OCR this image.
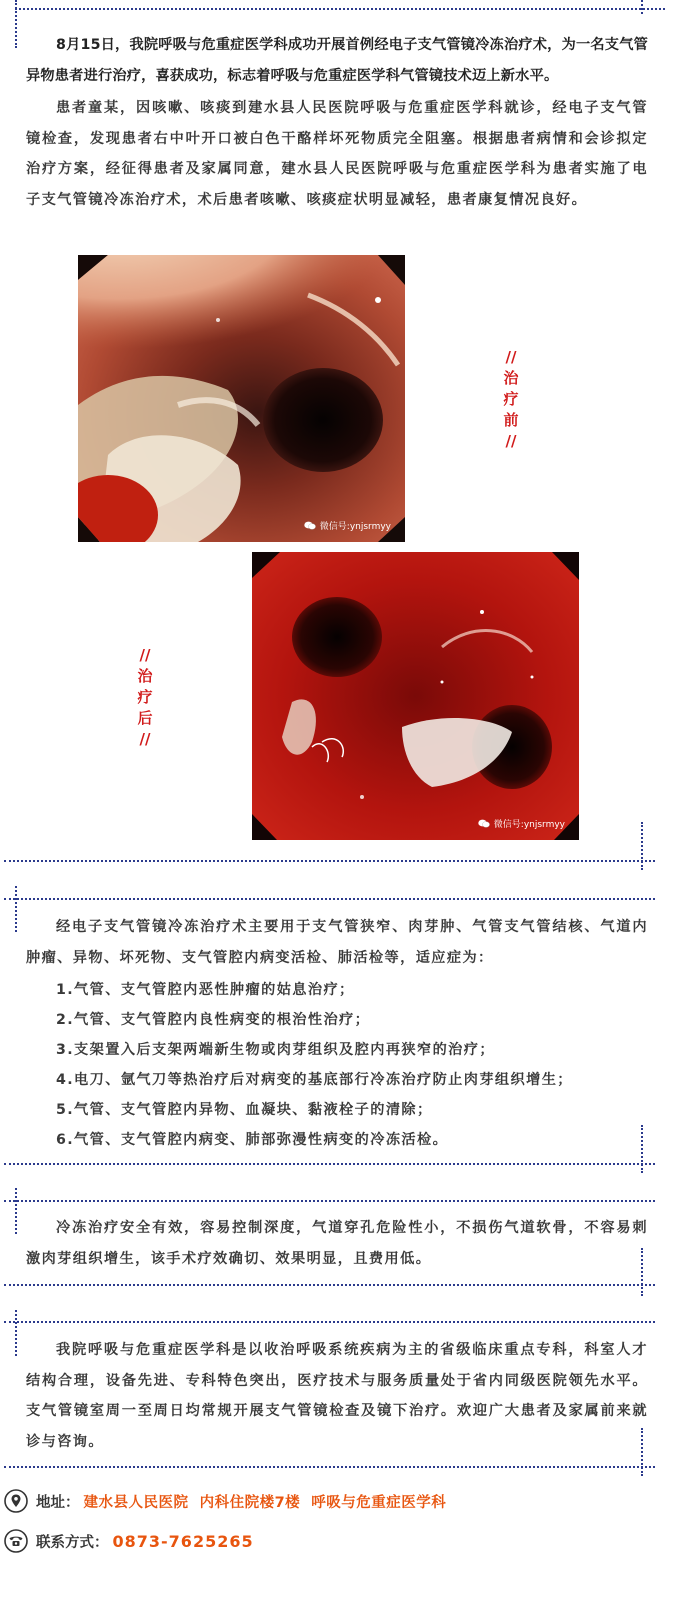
8月15日，我院呼吸与危重症医学科成功开展首例经电子支气管镜冷冻治疗术，为一名支气管异物患者进行治疗，喜获成功，标志着呼吸与危重症医学科气管镜技术迈上新水平。

患者童某，因咳嗽、咳痰到建水县人民医院呼吸与危重症医学科就诊，经电子支气管镜检查，发现患者右中叶开口被白色干酪样坏死物质完全阻塞。根据患者病情和会诊拟定治疗方案，经征得患者及家属同意，建水县人民医院呼吸与危重症医学科为患者实施了电子支气管镜冷冻治疗术，术后患者咳嗽、咳痰症状明显减轻，患者康复情况良好。

微信号:ynjsrmyy
//
治
疗
前
//
微信号:ynjsrmyy
//
治
疗
后
//

经电子支气管镜冷冻治疗术主要用于支气管狭窄、肉芽肿、气管支气管结核、气道内肿瘤、异物、坏死物、支气管腔内病变活检、肺活检等，适应症为：

1.气管、支气管腔内恶性肿瘤的姑息治疗；
2.气管、支气管腔内良性病变的根治性治疗；
3.支架置入后支架两端新生物或肉芽组织及腔内再狭窄的治疗；
4.电刀、氩气刀等热治疗后对病变的基底部行冷冻治疗防止肉芽组织增生；
5.气管、支气管腔内异物、血凝块、黏液栓子的清除；
6.气管、支气管腔内病变、肺部弥漫性病变的冷冻活检。

冷冻治疗安全有效，容易控制深度，气道穿孔危险性小，不损伤气道软骨，不容易刺激肉芽组织增生，该手术疗效确切、效果明显，且费用低。

我院呼吸与危重症医学科是以收治呼吸系统疾病为主的省级临床重点专科，科室人才结构合理，设备先进、专科特色突出，医疗技术与服务质量处于省内同级医院领先水平。支气管镜室周一至周日均常规开展支气管镜检查及镜下治疗。欢迎广大患者及家属前来就诊与咨询。

地址： 建水县人民医院  内科住院楼7楼  呼吸与危重症医学科
联系方式： 0873-7625265
